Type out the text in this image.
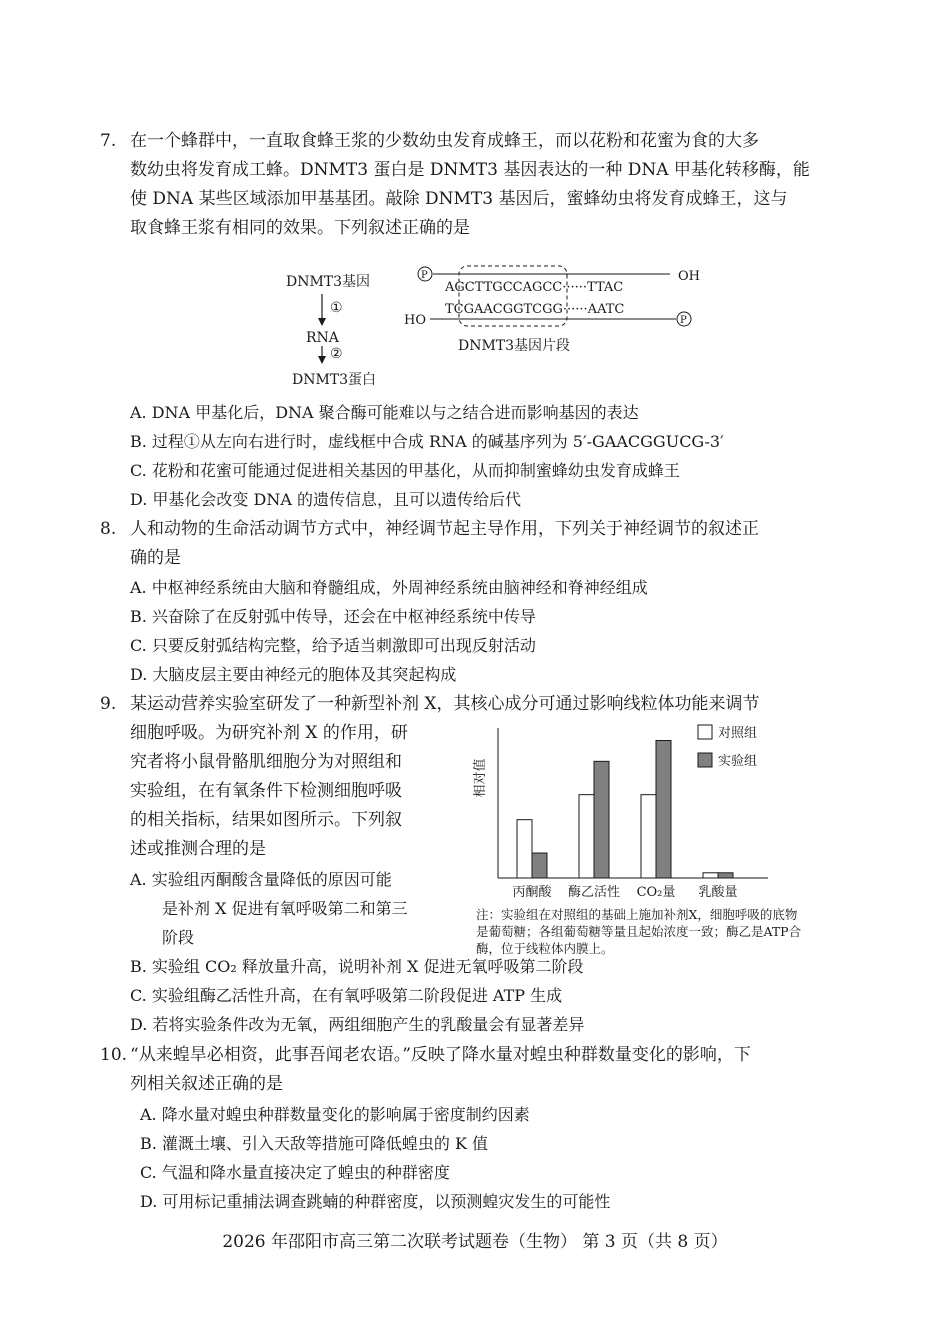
7. 在一个蜂群中，一直取食蜂王浆的少数幼虫发育成蜂王，而以花粉和花蜜为食的大多
数幼虫将发育成工蜂。DNMT3 蛋白是 DNMT3 基因表达的一种 DNA 甲基化转移酶，能
使 DNA 某些区域添加甲基基团。敲除 DNMT3 基因后，蜜蜂幼虫将发育成蜂王，这与
取食蜂王浆有相同的效果。下列叙述正确的是
DNMT3基因
①
RNA
②
DNMT3蛋白
P	OH
AGCTTGCCAGCC······TTAC
TCGAACGGTCGG······AATC
HO	P
DNMT3基因片段
A. DNA 甲基化后，DNA 聚合酶可能难以与之结合进而影响基因的表达
B. 过程①从左向右进行时，虚线框中合成 RNA 的碱基序列为 5′-GAACGGUCG-3′
C. 花粉和花蜜可能通过促进相关基因的甲基化，从而抑制蜜蜂幼虫发育成蜂王
D. 甲基化会改变 DNA 的遗传信息，且可以遗传给后代
8. 人和动物的生命活动调节方式中，神经调节起主导作用，下列关于神经调节的叙述正
确的是
A. 中枢神经系统由大脑和脊髓组成，外周神经系统由脑神经和脊神经组成
B. 兴奋除了在反射弧中传导，还会在中枢神经系统中传导
C. 只要反射弧结构完整，给予适当刺激即可出现反射活动
D. 大脑皮层主要由神经元的胞体及其突起构成
9. 某运动营养实验室研发了一种新型补剂 X，其核心成分可通过影响线粒体功能来调节
细胞呼吸。为研究补剂 X 的作用，研
究者将小鼠骨骼肌细胞分为对照组和
实验组，在有氧条件下检测细胞呼吸
的相关指标，结果如图所示。下列叙
述或推测合理的是
A. 实验组丙酮酸含量降低的原因可能
是补剂 X 促进有氧呼吸第二和第三
阶段
B. 实验组 CO₂ 释放量升高，说明补剂 X 促进无氧呼吸第二阶段
C. 实验组酶乙活性升高，在有氧呼吸第二阶段促进 ATP 生成
D. 若将实验条件改为无氧，两组细胞产生的乳酸量会有显著差异
相对值
对照组
实验组
丙酮酸 酶乙活性 CO₂量 乳酸量
注：实验组在对照组的基础上施加补剂X，细胞呼吸的底物
是葡萄糖；各组葡萄糖等量且起始浓度一致；酶乙是ATP合
酶，位于线粒体内膜上。
10. “从来蝗旱必相资，此事吾闻老农语。”反映了降水量对蝗虫种群数量变化的影响，下
列相关叙述正确的是
A. 降水量对蝗虫种群数量变化的影响属于密度制约因素
B. 灌溉土壤、引入天敌等措施可降低蝗虫的 K 值
C. 气温和降水量直接决定了蝗虫的种群密度
D. 可用标记重捕法调查跳蝻的种群密度，以预测蝗灾发生的可能性
2026 年邵阳市高三第二次联考试题卷（生物） 第 3 页（共 8 页）
